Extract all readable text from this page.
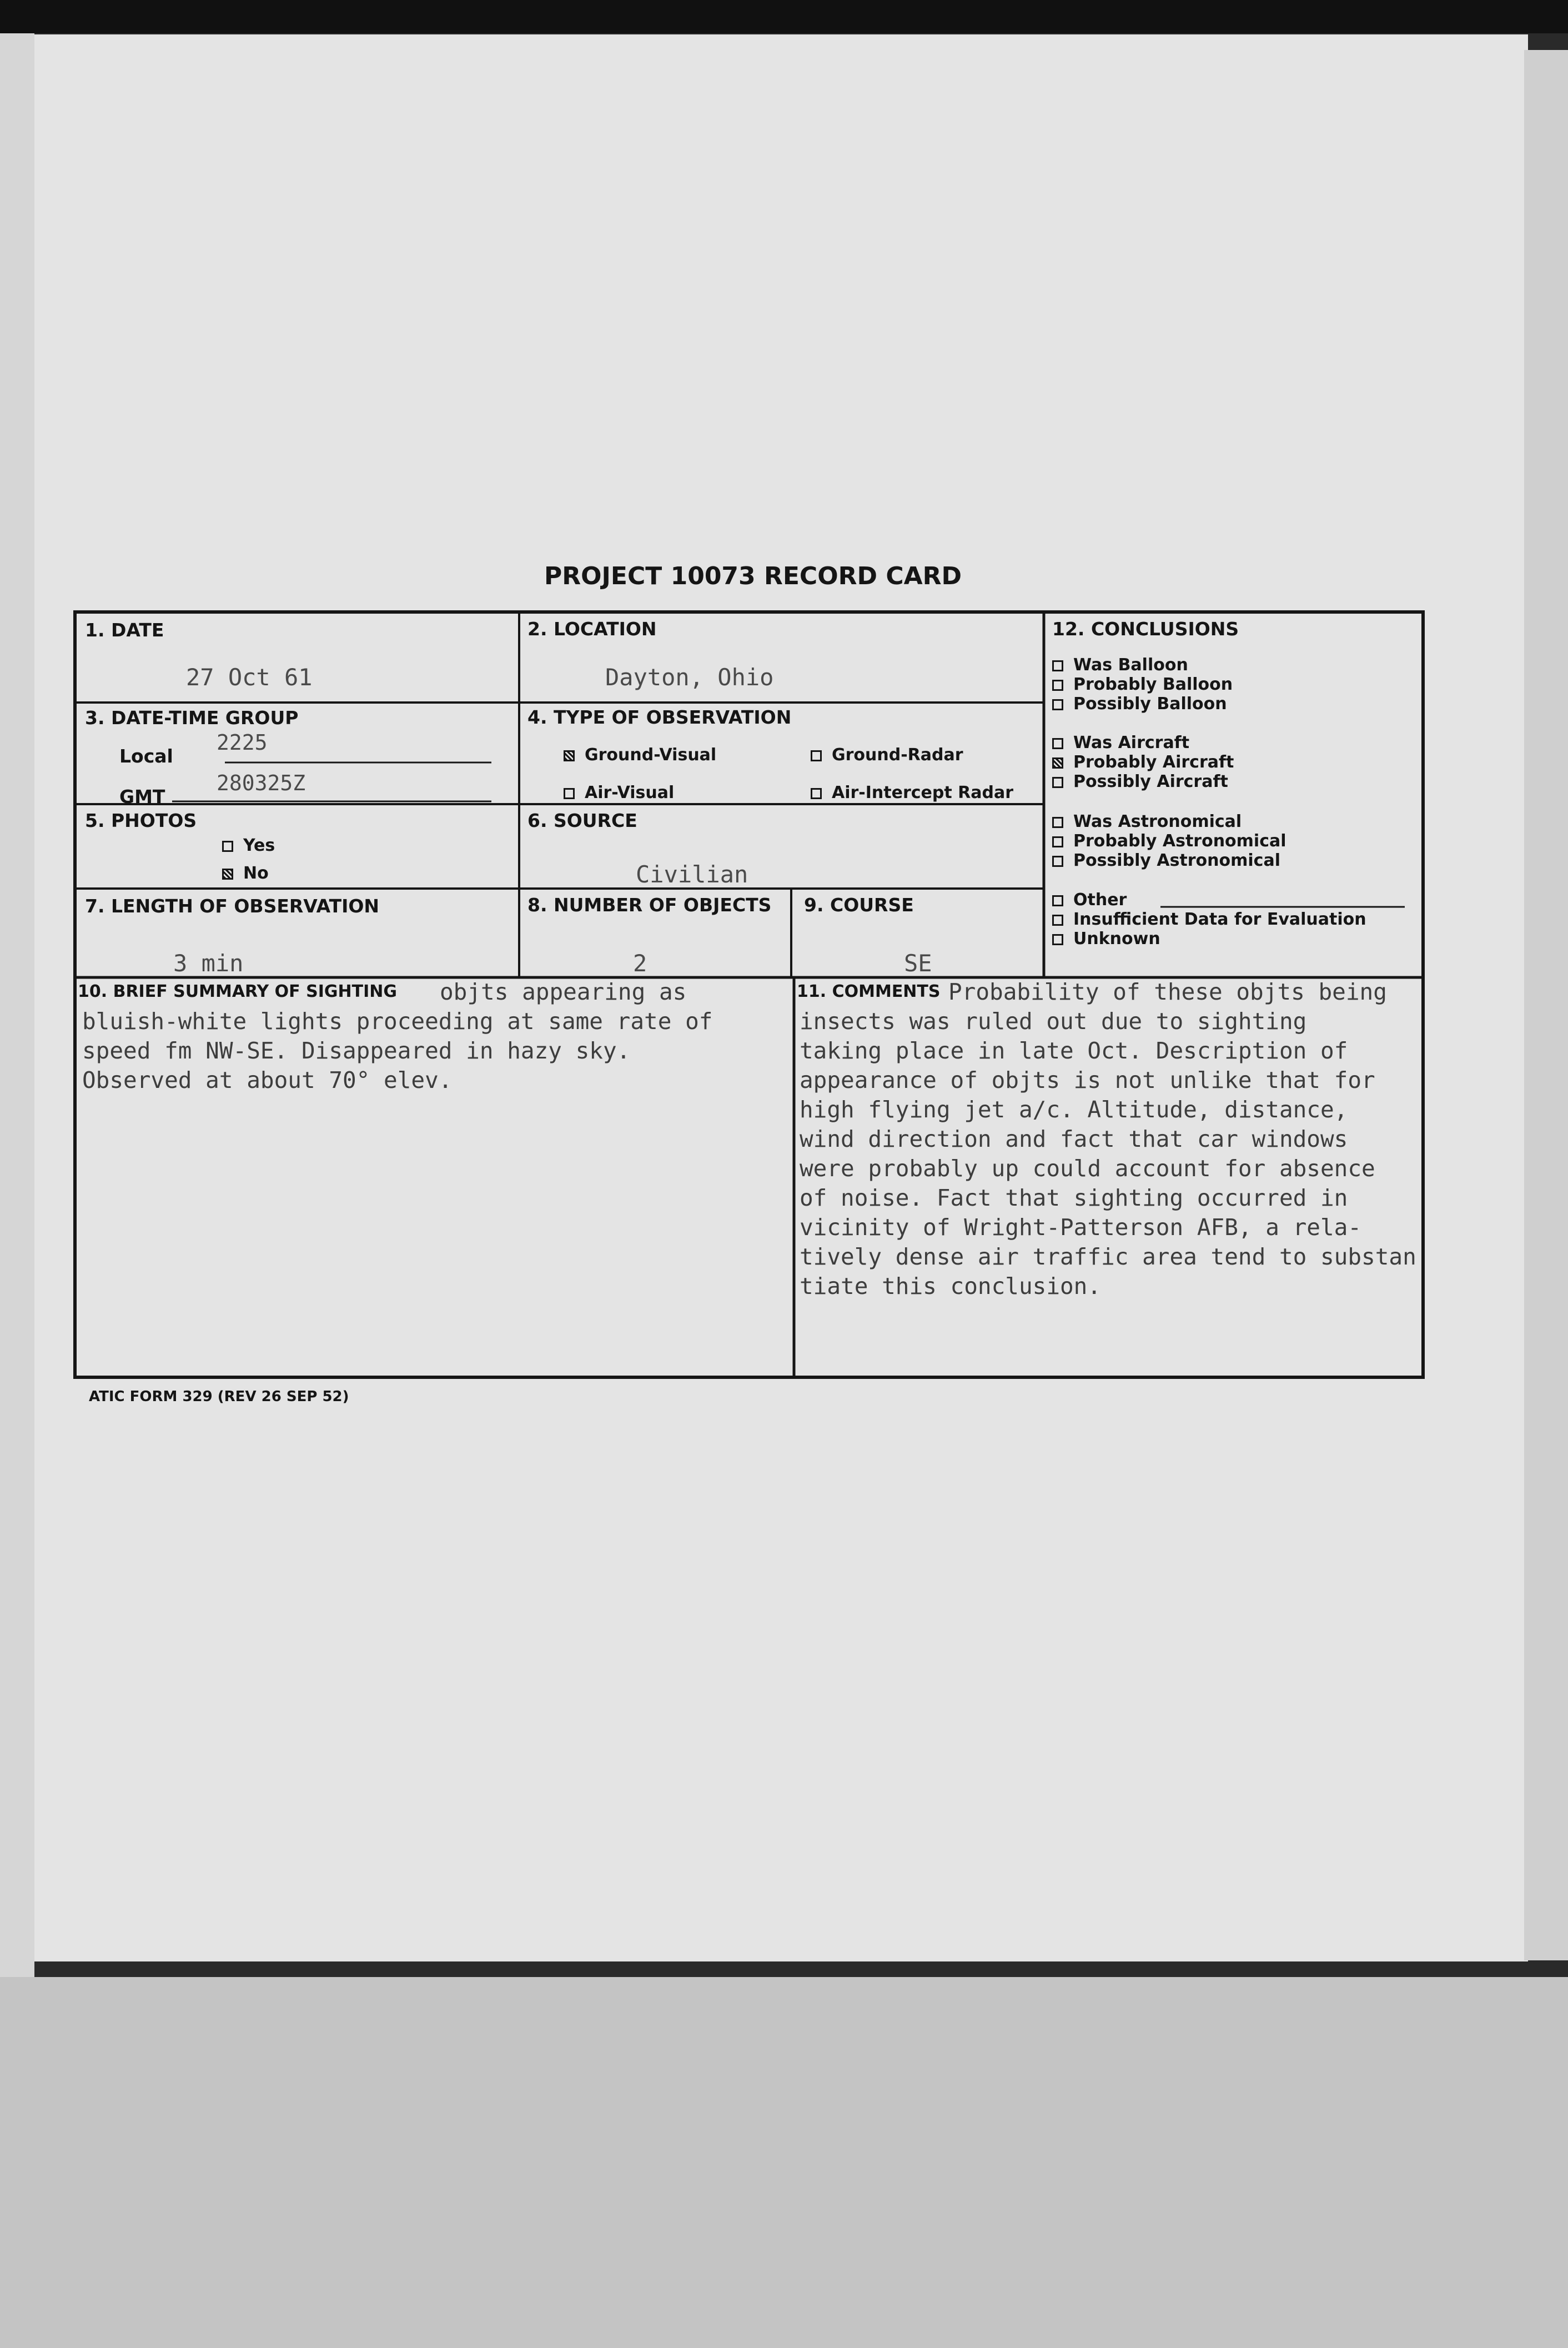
PROJECT 10073 RECORD CARD
1. DATE
27 Oct 61
2. LOCATION
Dayton, Ohio
3. DATE-TIME GROUP
Local
2225
GMT
280325Z
4. TYPE OF OBSERVATION
Ground-Visual	Ground-Radar
Air-Visual	Air-Intercept Radar
5. PHOTOS
Yes
No
6. SOURCE
Civilian
7. LENGTH OF OBSERVATION
3 min
8. NUMBER OF OBJECTS
2
9. COURSE
SE
12. CONCLUSIONS
Was Balloon
Probably Balloon
Possibly Balloon
Was Aircraft
Probably Aircraft
Possibly Aircraft
Was Astronomical
Probably Astronomical
Possibly Astronomical
Other
Insufficient Data for Evaluation
Unknown
10. BRIEF SUMMARY OF SIGHTING objts appearing as
bluish-white lights proceeding at same rate of
speed fm NW-SE. Disappeared in hazy sky.
Observed at about 70° elev.
11. COMMENTS Probability of these objts being
insects was ruled out due to sighting
taking place in late Oct. Description of
appearance of objts is not unlike that for
high flying jet a/c. Altitude, distance,
wind direction and fact that car windows
were probably up could account for absence
of noise. Fact that sighting occurred in
vicinity of Wright-Patterson AFB, a rela-
tively dense air traffic area tend to substan
tiate this conclusion.
ATIC FORM 329 (REV 26 SEP 52)
